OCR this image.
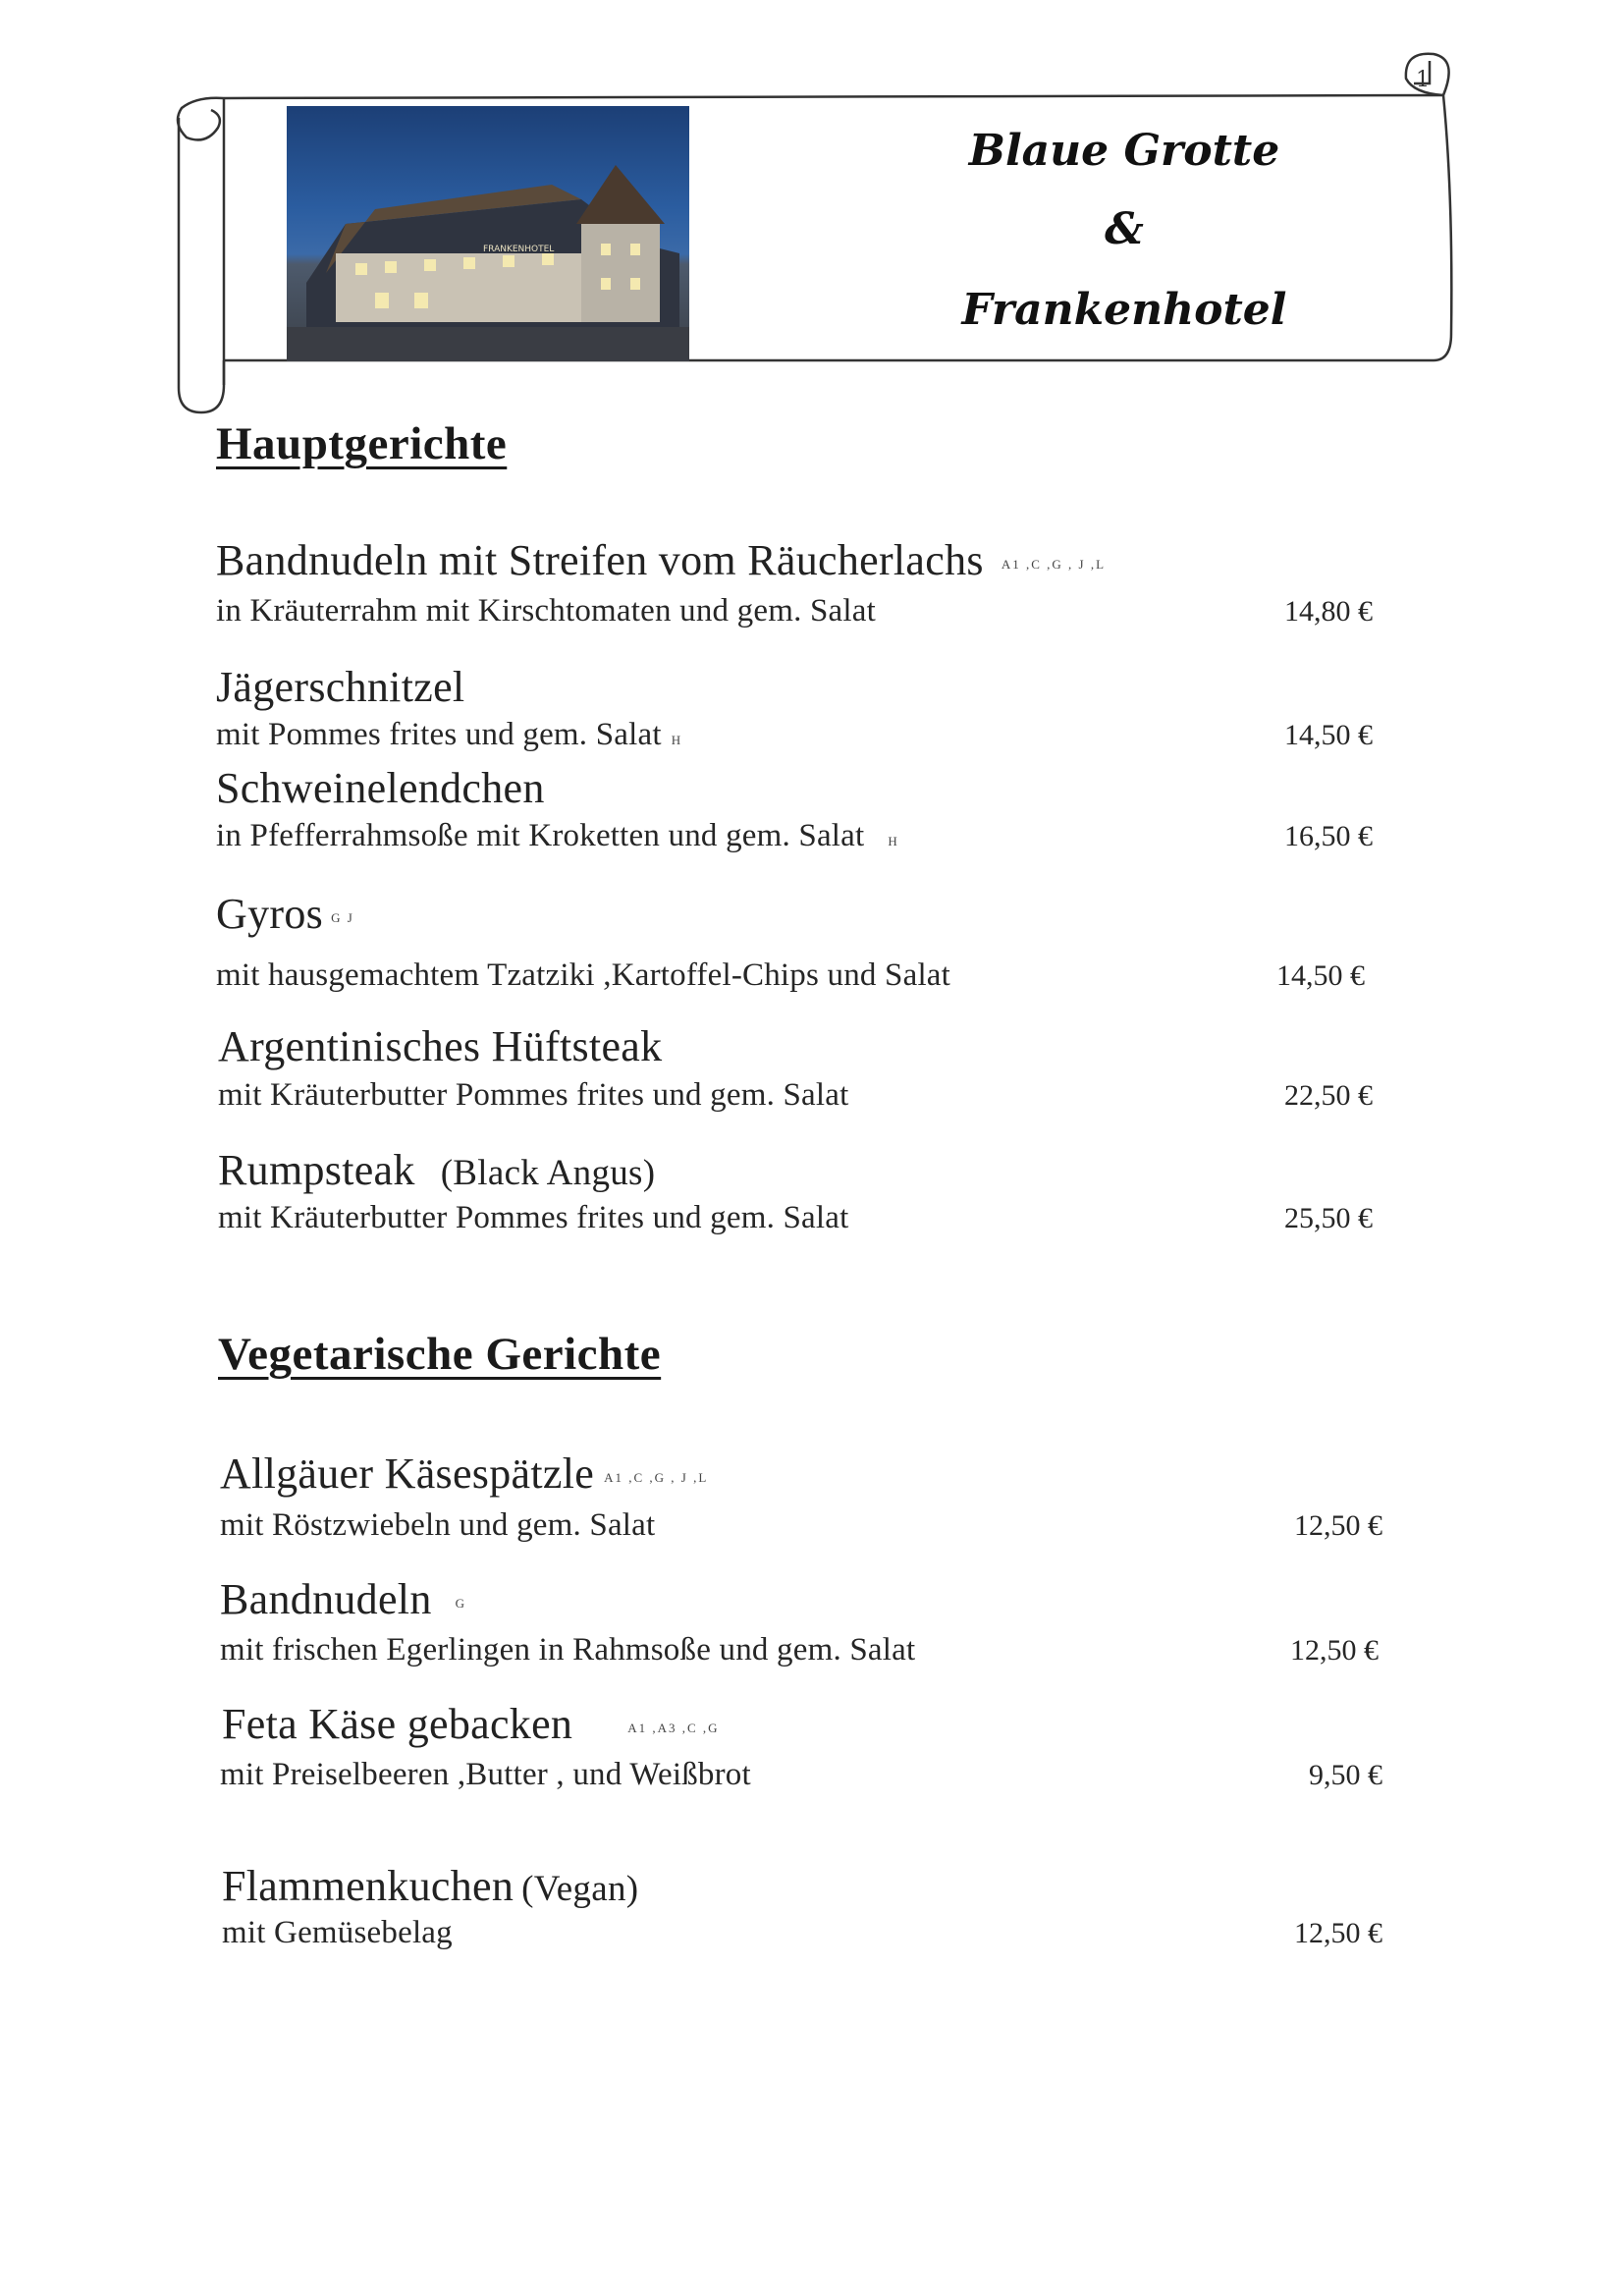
1
FRANKENHOTEL
Blaue Grotte
&
Frankenhotel
Hauptgerichte
Bandnudeln mit Streifen vom Räucherlachs A1 ,C ,G , J ,L
in Kräuterrahm mit Kirschtomaten und gem. Salat	14,80 €
Jägerschnitzel
mit Pommes frites und gem. Salat H	14,50 €
Schweinelendchen
in Pfefferrahmsoße mit Kroketten und gem. Salat H	16,50 €
Gyros G J
mit hausgemachtem Tzatziki ,Kartoffel-Chips und Salat	14,50 €
Argentinisches Hüftsteak
mit Kräuterbutter Pommes frites und gem. Salat	22,50 €
Rumpsteak (Black Angus)
mit Kräuterbutter Pommes frites und gem. Salat	25,50 €
Vegetarische Gerichte
Allgäuer Käsespätzle A1 ,C ,G , J ,L
mit Röstzwiebeln und gem. Salat	12,50 €
Bandnudeln G
mit frischen Egerlingen in Rahmsoße und gem. Salat	12,50 €
Feta Käse gebacken	A1 ,A3 ,C ,G
mit Preiselbeeren ,Butter , und Weißbrot	9,50 €
Flammenkuchen (Vegan)
mit Gemüsebelag	12,50 €
